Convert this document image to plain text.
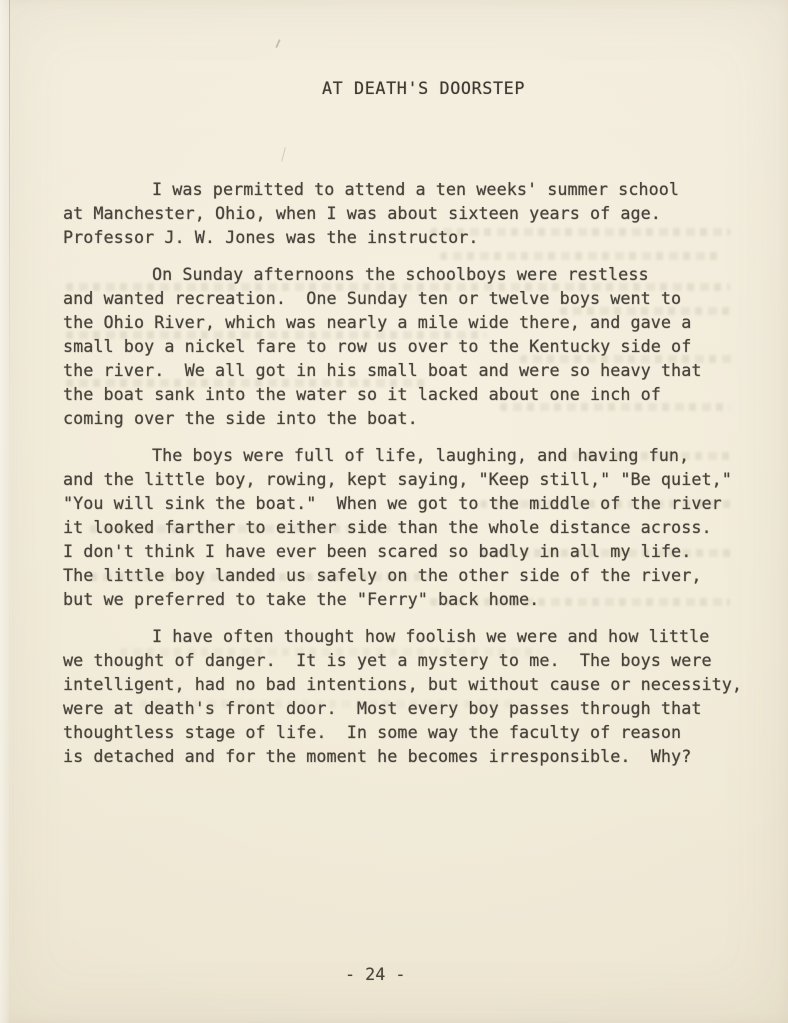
AT DEATH'S DOORSTEP

I was permitted to attend a ten weeks' summer school
at Manchester, Ohio, when I was about sixteen years of age.
Professor J. W. Jones was the instructor.

On Sunday afternoons the schoolboys were restless
and wanted recreation.  One Sunday ten or twelve boys went to
the Ohio River, which was nearly a mile wide there, and gave a
small boy a nickel fare to row us over to the Kentucky side of
the river.  We all got in his small boat and were so heavy that
the boat sank into the water so it lacked about one inch of
coming over the side into the boat.

The boys were full of life, laughing, and having fun,
and the little boy, rowing, kept saying, "Keep still," "Be quiet,"
"You will sink the boat."  When we got to the middle of the river
it looked farther to either side than the whole distance across.
I don't think I have ever been scared so badly in all my life.
The little boy landed us safely on the other side of the river,
but we preferred to take the "Ferry" back home.

I have often thought how foolish we were and how little
we thought of danger.  It is yet a mystery to me.  The boys were
intelligent, had no bad intentions, but without cause or necessity,
were at death's front door.  Most every boy passes through that
thoughtless stage of life.  In some way the faculty of reason
is detached and for the moment he becomes irresponsible.  Why?

- 24 -
